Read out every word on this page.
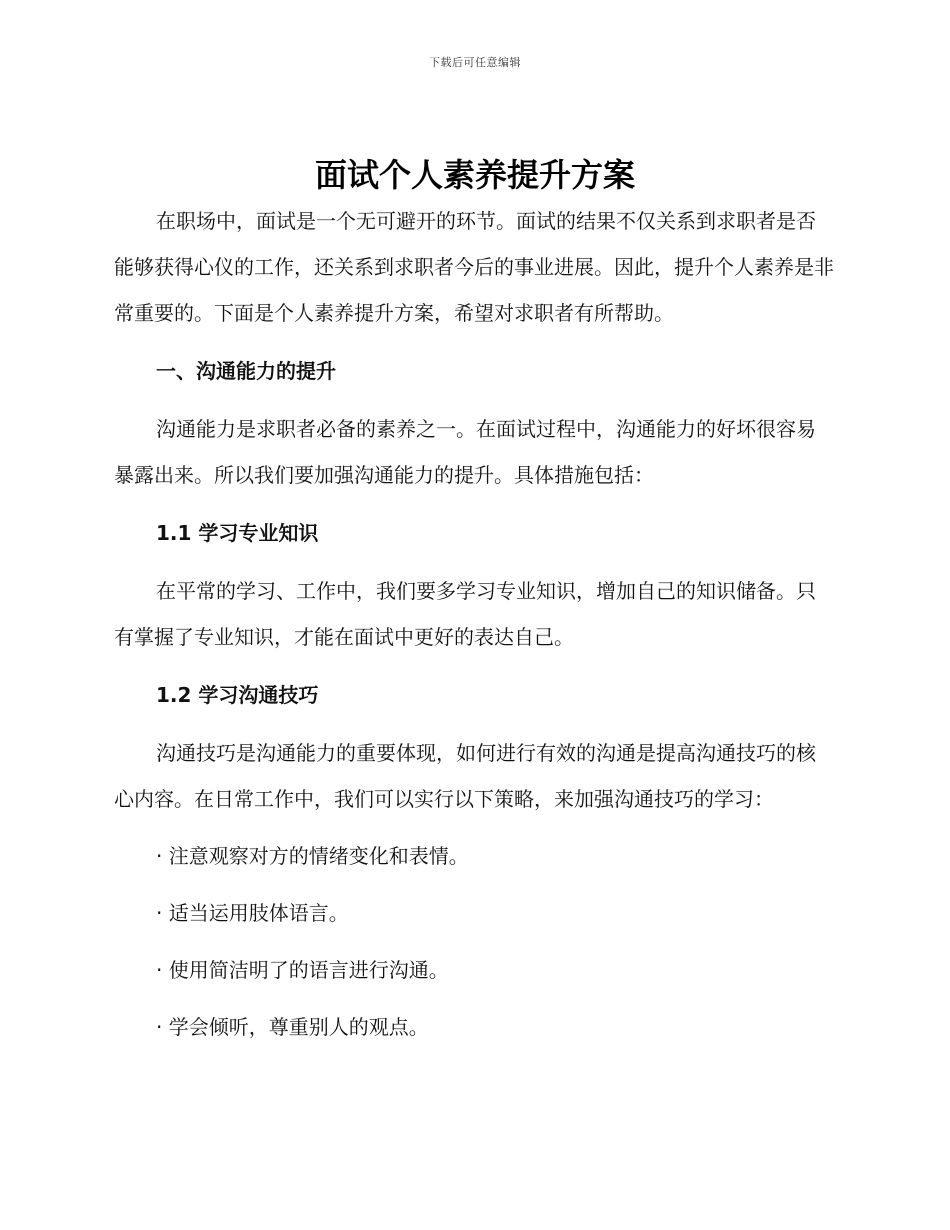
下载后可任意编辑
面试个人素养提升方案

在职场中，面试是一个无可避开的环节。面试的结果不仅关系到求职者是否能够获得心仪的工作，还关系到求职者今后的事业进展。因此，提升个人素养是非常重要的。下面是个人素养提升方案，希望对求职者有所帮助。

一、沟通能力的提升

沟通能力是求职者必备的素养之一。在面试过程中，沟通能力的好坏很容易暴露出来。所以我们要加强沟通能力的提升。具体措施包括：

1.1 学习专业知识

在平常的学习、工作中，我们要多学习专业知识，增加自己的知识储备。只有掌握了专业知识，才能在面试中更好的表达自己。

1.2 学习沟通技巧

沟通技巧是沟通能力的重要体现，如何进行有效的沟通是提高沟通技巧的核心内容。在日常工作中，我们可以实行以下策略，来加强沟通技巧的学习：

· 注意观察对方的情绪变化和表情。

· 适当运用肢体语言。

· 使用简洁明了的语言进行沟通。

· 学会倾听，尊重别人的观点。
